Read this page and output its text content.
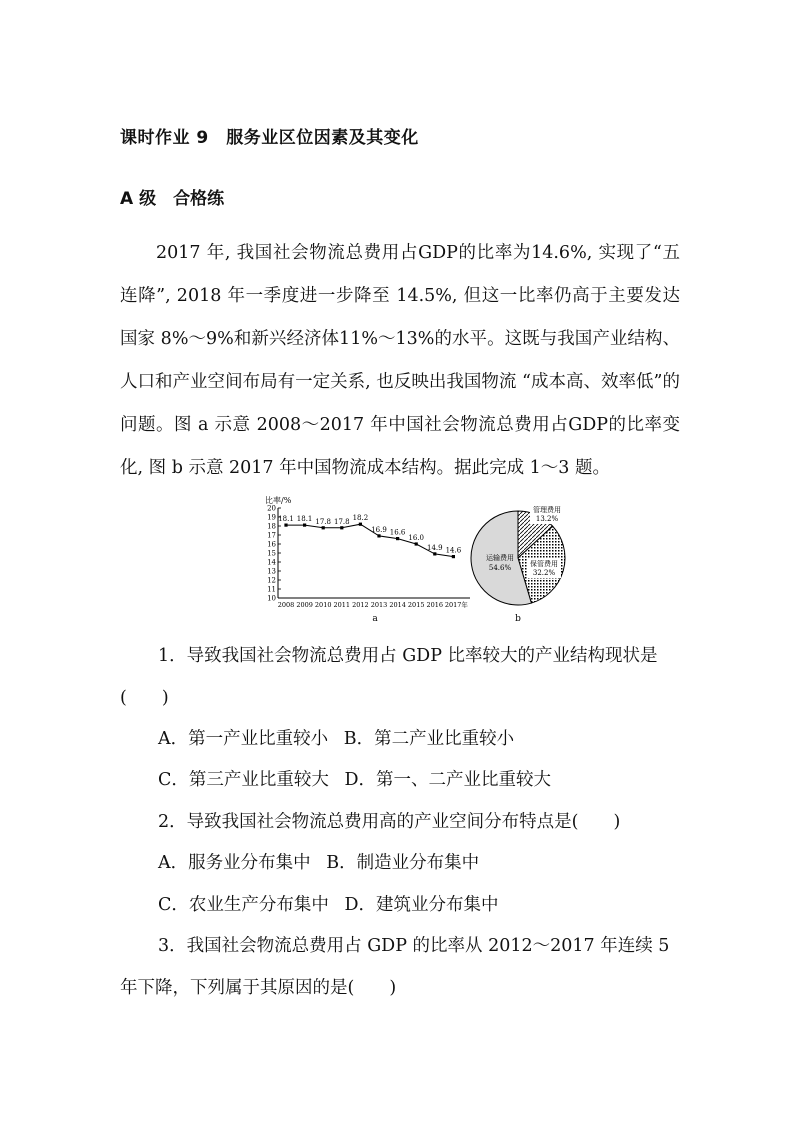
课时作业 9　服务业区位因素及其变化
A 级　合格练
2017 年, 我国社会物流总费用占GDP的比率为14.6%, 实现了“五连降”, 2018 年一季度进一步降至 14.5%, 但这一比率仍高于主要发达国家 8%～9%和新兴经济体11%～13%的水平。这既与我国产业结构、人口和产业空间布局有一定关系, 也反映出我国物流 “成本高、效率低”的问题。图 a 示意 2008～2017 年中国社会物流总费用占GDP的比率变化, 图 b 示意 2017 年中国物流成本结构。据此完成 1～3 题。
比率/%
10
11
12
13
14
15
16
17
18
19
20
2008 2009 2010 2011 2012 2013 2014 2015 2016 2017年
18.1 18.1 17.8 17.8 18.2
16.9 16.6
16.0
14.9 14.6
a
管理费用
13.2%
运输费用
54.6%	保管费用
32.2%
b
1．导致我国社会物流总费用占 GDP 比率较大的产业结构现状是
(　　)
A．第一产业比重较小 B．第二产业比重较小
C．第三产业比重较大 D．第一、二产业比重较大
2．导致我国社会物流总费用高的产业空间分布特点是(　　)
A．服务业分布集中 B．制造业分布集中
C．农业生产分布集中 D．建筑业分布集中
3．我国社会物流总费用占 GDP 的比率从 2012～2017 年连续 5
年下降，下列属于其原因的是(　　)
